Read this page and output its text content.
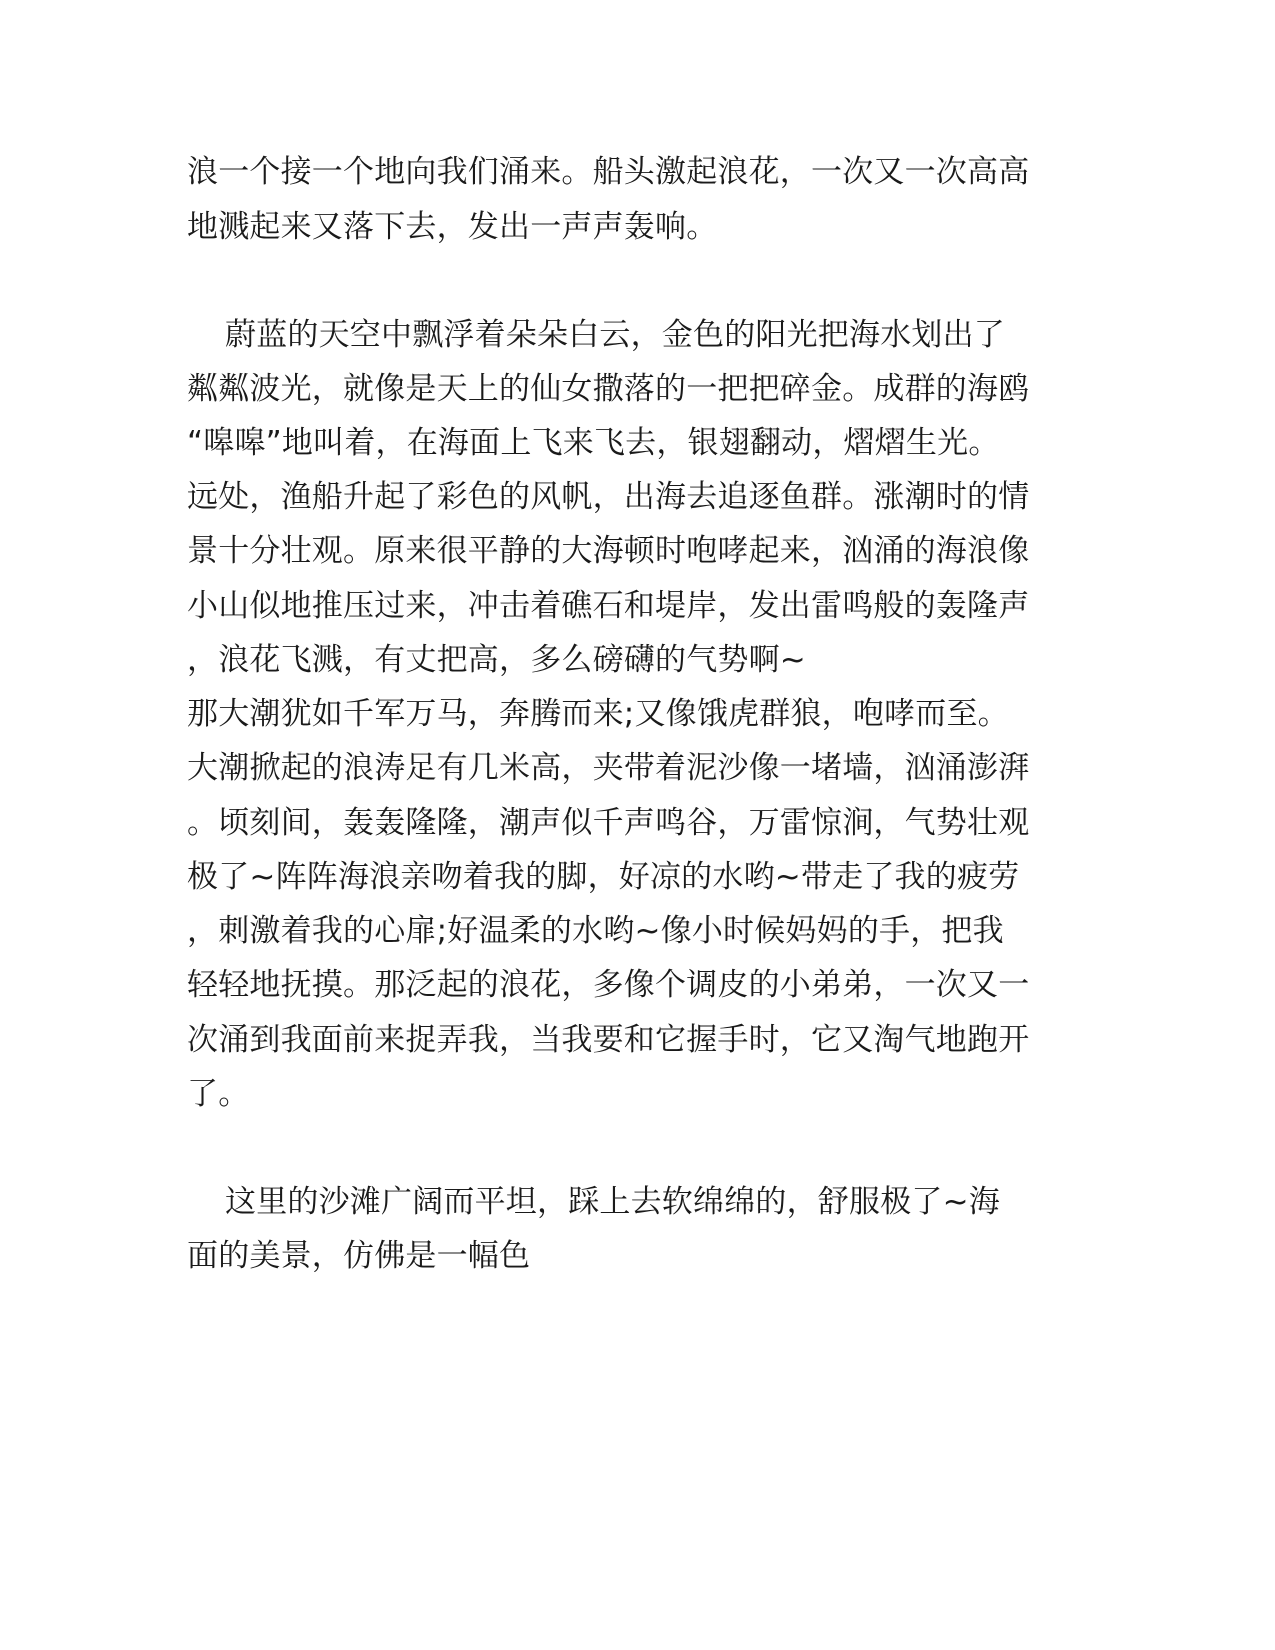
浪一个接一个地向我们涌来。船头激起浪花，一次又一次高高
地溅起来又落下去，发出一声声轰响。
蔚蓝的天空中飘浮着朵朵白云，金色的阳光把海水划出了
粼粼波光，就像是天上的仙女撒落的一把把碎金。成群的海鸥
“嗥嗥”地叫着，在海面上飞来飞去，银翅翻动，熠熠生光。
远处，渔船升起了彩色的风帆，出海去追逐鱼群。涨潮时的情
景十分壮观。原来很平静的大海顿时咆哮起来，汹涌的海浪像
小山似地推压过来，冲击着礁石和堤岸，发出雷鸣般的轰隆声
，浪花飞溅，有丈把高，多么磅礴的气势啊~
那大潮犹如千军万马，奔腾而来;又像饿虎群狼，咆哮而至。
大潮掀起的浪涛足有几米高，夹带着泥沙像一堵墙，汹涌澎湃
。顷刻间，轰轰隆隆，潮声似千声鸣谷，万雷惊涧，气势壮观
极了~阵阵海浪亲吻着我的脚，好凉的水哟~带走了我的疲劳
，刺激着我的心扉;好温柔的水哟~像小时候妈妈的手，把我
轻轻地抚摸。那泛起的浪花，多像个调皮的小弟弟，一次又一
次涌到我面前来捉弄我，当我要和它握手时，它又淘气地跑开
了。
这里的沙滩广阔而平坦，踩上去软绵绵的，舒服极了~海
面的美景，仿佛是一幅色
